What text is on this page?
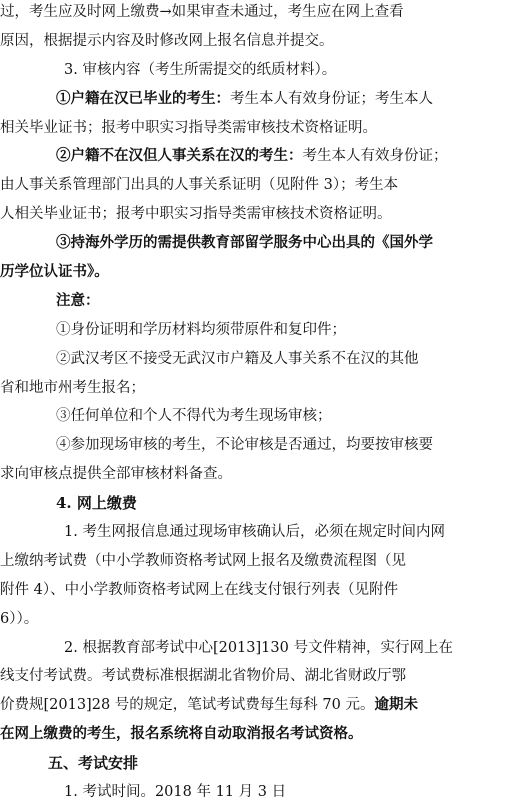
过，考生应及时网上缴费→如果审查未通过，考生应在网上查看
原因，根据提示内容及时修改网上报名信息并提交。
3. 审核内容（考生所需提交的纸质材料）。
①户籍在汉已毕业的考生：考生本人有效身份证；考生本人
相关毕业证书；报考中职实习指导类需审核技术资格证明。
②户籍不在汉但人事关系在汉的考生：考生本人有效身份证；
由人事关系管理部门出具的人事关系证明（见附件 3）；考生本
人相关毕业证书；报考中职实习指导类需审核技术资格证明。
③持海外学历的需提供教育部留学服务中心出具的《国外学
历学位认证书》。
注意：
①身份证明和学历材料均须带原件和复印件；
②武汉考区不接受无武汉市户籍及人事关系不在汉的其他
省和地市州考生报名；
③任何单位和个人不得代为考生现场审核；
④参加现场审核的考生，不论审核是否通过，均要按审核要
求向审核点提供全部审核材料备查。
4. 网上缴费
1. 考生网报信息通过现场审核确认后，必须在规定时间内网
上缴纳考试费（中小学教师资格考试网上报名及缴费流程图（见
附件 4）、中小学教师资格考试网上在线支付银行列表（见附件
6））。
2. 根据教育部考试中心[2013]130 号文件精神，实行网上在
线支付考试费。考试费标准根据湖北省物价局、湖北省财政厅鄂
价费规[2013]28 号的规定，笔试考试费每生每科 70 元。逾期未
在网上缴费的考生，报名系统将自动取消报名考试资格。
五、考试安排
1. 考试时间。2018 年 11 月 3 日
